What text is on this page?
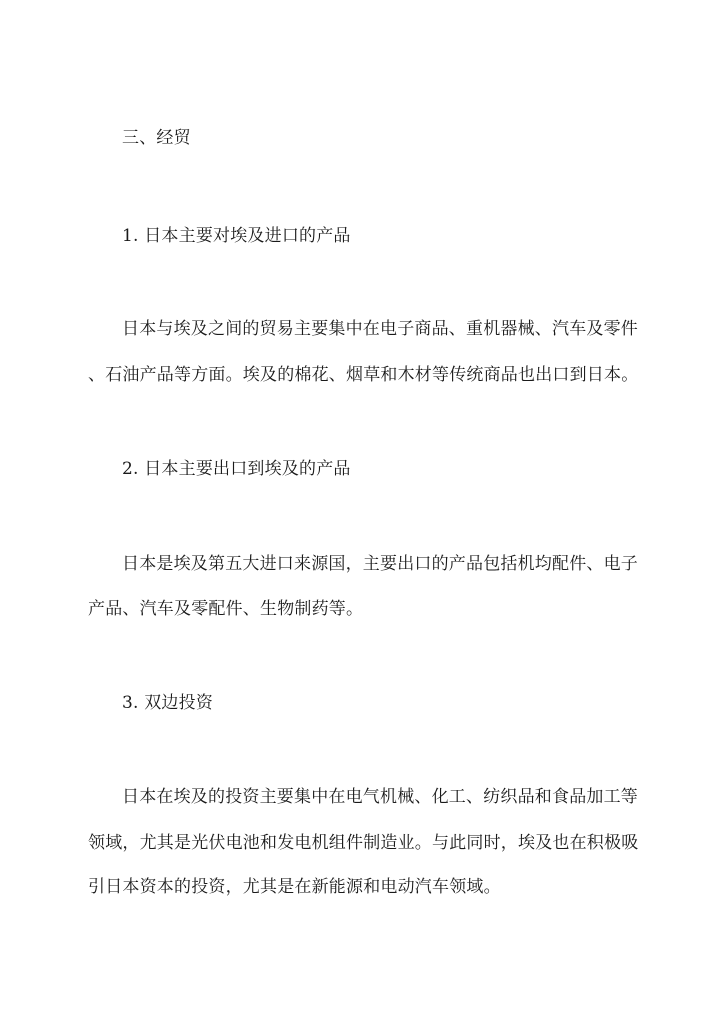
三、经贸
1. 日本主要对埃及进口的产品
日本与埃及之间的贸易主要集中在电子商品、重机器械、汽车及零件
、石油产品等方面。埃及的棉花、烟草和木材等传统商品也出口到日本。
2. 日本主要出口到埃及的产品
日本是埃及第五大进口来源国，主要出口的产品包括机均配件、电子
产品、汽车及零配件、生物制药等。
3. 双边投资
日本在埃及的投资主要集中在电气机械、化工、纺织品和食品加工等
领域，尤其是光伏电池和发电机组件制造业。与此同时，埃及也在积极吸
引日本资本的投资，尤其是在新能源和电动汽车领域。
